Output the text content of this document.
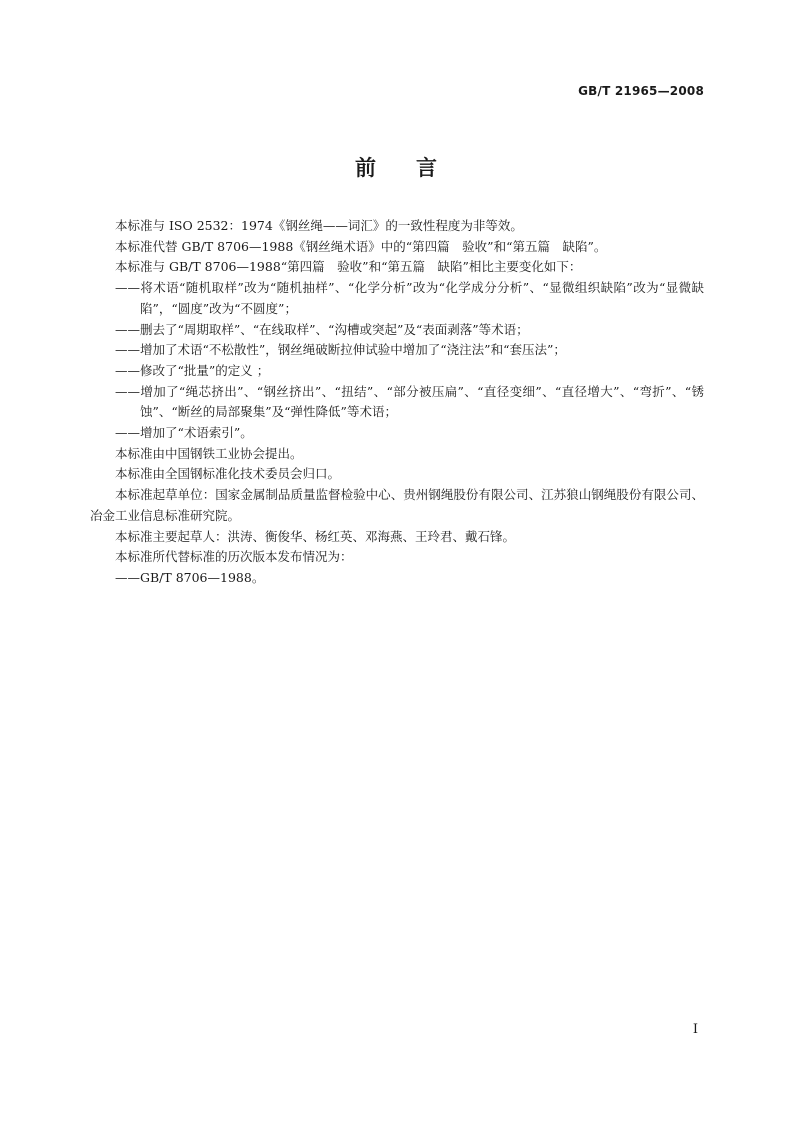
GB/T 21965—2008
前 言

本标准与 ISO 2532：1974《钢丝绳——词汇》的一致性程度为非等效。

本标准代替 GB/T 8706—1988《钢丝绳术语》中的“第四篇　验收”和“第五篇　缺陷”。

本标准与 GB/T 8706—1988“第四篇　验收”和“第五篇　缺陷”相比主要变化如下：

——将术语“随机取样”改为“随机抽样”、“化学分析”改为“化学成分分析”、“显微组织缺陷”改为“显微缺陷”，“圆度”改为“不圆度”；

——删去了“周期取样”、“在线取样”、“沟槽或突起”及“表面剥落”等术语；

——增加了术语“不松散性”，钢丝绳破断拉伸试验中增加了“浇注法”和“套压法”；

——修改了“批量”的定义 ；

——增加了“绳芯挤出”、“钢丝挤出”、“扭结”、“部分被压扁”、“直径变细”、“直径增大”、“弯折”、“锈蚀”、“断丝的局部聚集”及“弹性降低”等术语；

——增加了“术语索引”。

本标准由中国钢铁工业协会提出。

本标准由全国钢标准化技术委员会归口。

本标准起草单位：国家金属制品质量监督检验中心、贵州钢绳股份有限公司、江苏狼山钢绳股份有限公司、冶金工业信息标准研究院。

本标准主要起草人：洪涛、衡俊华、杨红英、邓海燕、王玲君、戴石锋。

本标准所代替标准的历次版本发布情况为：

——GB/T 8706—1988。

I
